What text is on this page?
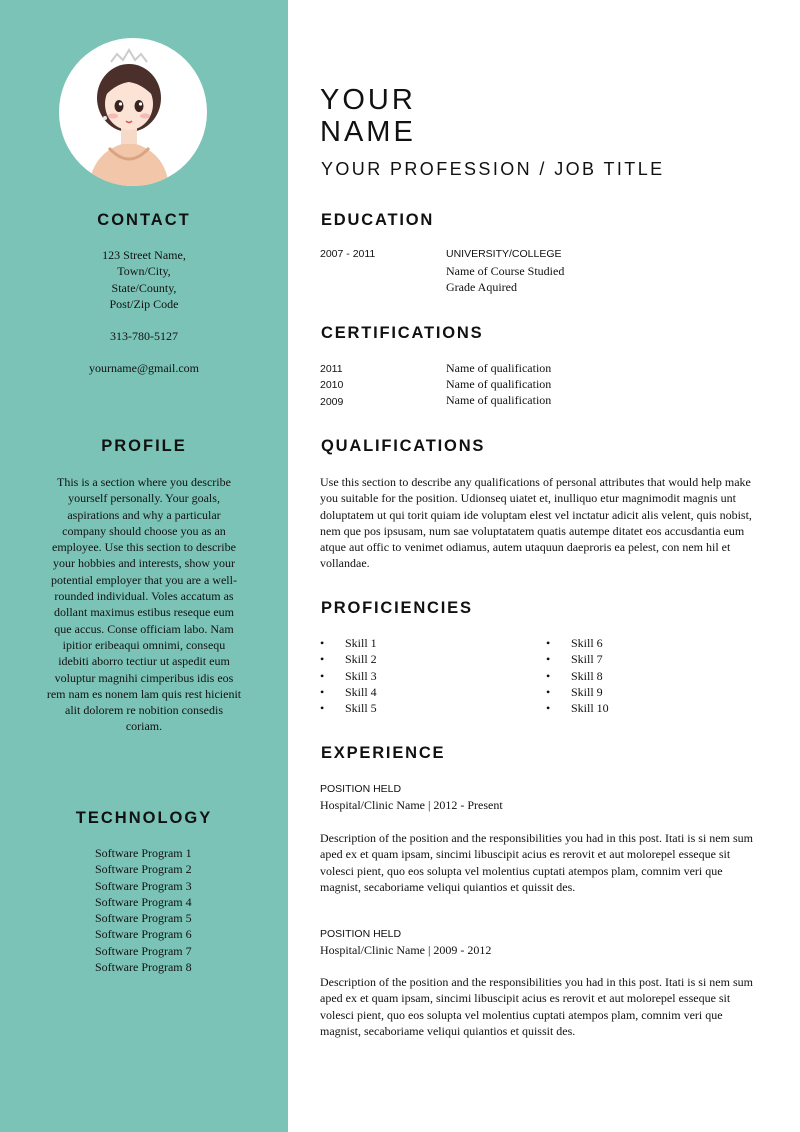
CONTACT
123 Street Name,
Town/City,
State/County,
Post/Zip Code
313-780-5127
yourname@gmail.com
PROFILE
This is a section where you describe yourself personally. Your goals, aspirations and why a particular company should choose you as an employee. Use this section to describe your hobbies and interests, show your potential employer that you are a well-rounded individual. Voles accatum as dollant maximus estibus reseque eum que accus. Conse officiam labo. Nam ipitior eribeaqui omnimi, consequ idebiti aborro tectiur ut aspedit eum voluptur magnihi cimperibus idis eos rem nam es nonem lam quis rest hicienit alit dolorem re nobition consedis coriam.
TECHNOLOGY
Software Program 1
Software Program 2
Software Program 3
Software Program 4
Software Program 5
Software Program 6
Software Program 7
Software Program 8
YOUR
NAME
YOUR PROFESSION / JOB TITLE
EDUCATION
2007 - 2011	UNIVERSITY/COLLEGE
Name of Course Studied
Grade Aquired
CERTIFICATIONS
2011	Name of qualification
2010	Name of qualification
2009	Name of qualification
QUALIFICATIONS
Use this section to describe any qualifications of personal attributes that would help make you suitable for the position. Udionseq uiatet et, inulliquo etur magnimodit magnis unt doluptatem ut qui torit quiam ide voluptam elest vel inctatur adicit alis velent, quis nobist, nem que pos ipsusam, num sae voluptatatem quatis autempe ditatet eos accusdantia eum atque aut offic to venimet odiamus, autem utaquun daeproris ea pelest, con nem hil et vollandae.
PROFICIENCIES
• Skill 1
• Skill 2
• Skill 3
• Skill 4
• Skill 5
• Skill 6
• Skill 7
• Skill 8
• Skill 9
• Skill 10
EXPERIENCE
POSITION HELD
Hospital/Clinic Name | 2012 - Present
Description of the position and the responsibilities you had in this post. Itati is si nem sum aped ex et quam ipsam, sincimi libuscipit acius es rerovit et aut molorepel esseque sit volesci pient, quo eos solupta vel molentius cuptati atempos plam, comnim veri que magnist, secaboriame veliqui quiantios et quissit des.
POSITION HELD
Hospital/Clinic Name | 2009 - 2012
Description of the position and the responsibilities you had in this post. Itati is si nem sum aped ex et quam ipsam, sincimi libuscipit acius es rerovit et aut molorepel esseque sit volesci pient, quo eos solupta vel molentius cuptati atempos plam, comnim veri que magnist, secaboriame veliqui quiantios et quissit des.
